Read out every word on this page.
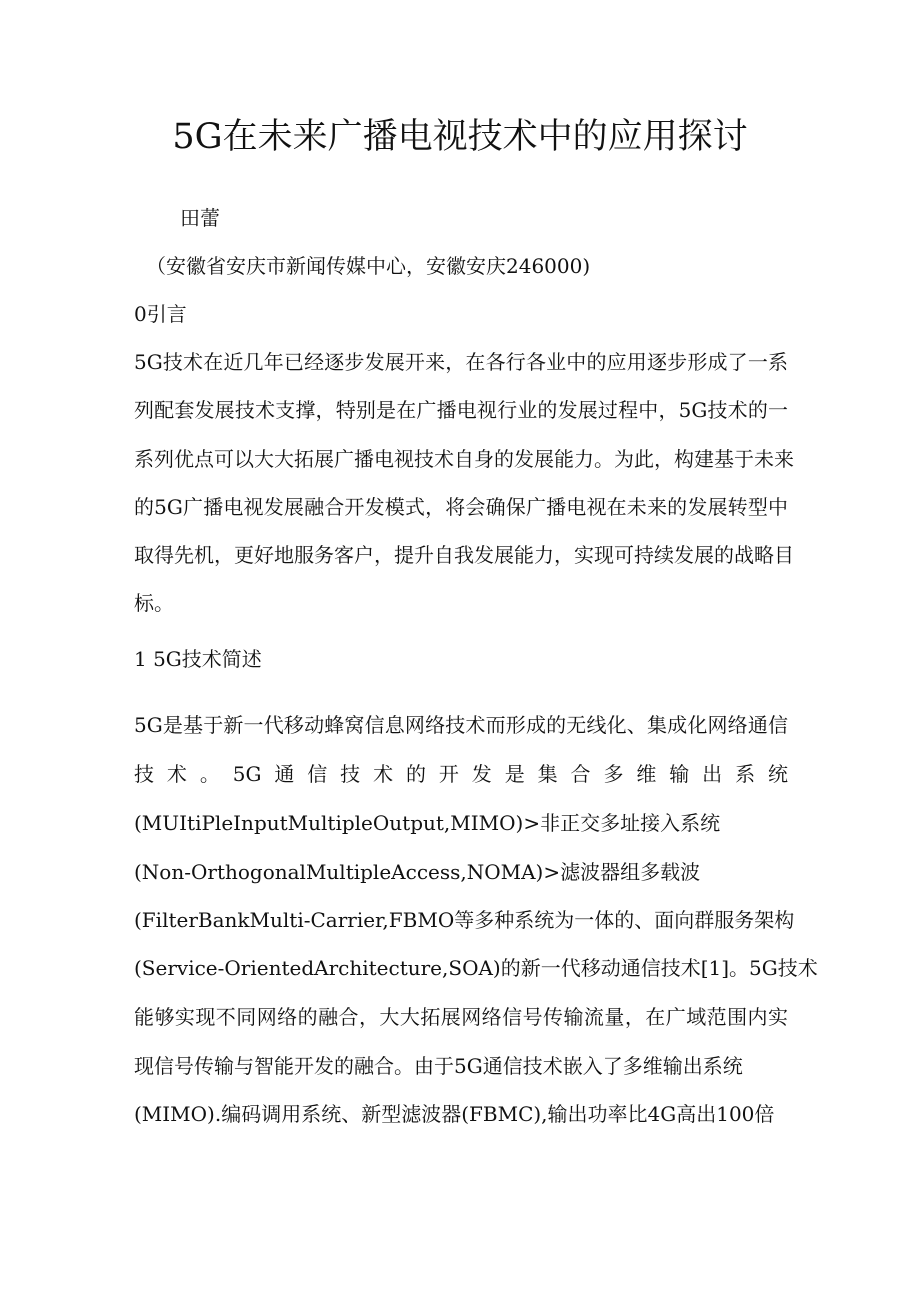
5G在未来广播电视技术中的应用探讨
田蕾
（安徽省安庆市新闻传媒中心，安徽安庆246000)
0引言
5G技术在近几年已经逐步发展开来，在各行各业中的应用逐步形成了一系
列配套发展技术支撑，特别是在广播电视行业的发展过程中，5G技术的一
系列优点可以大大拓展广播电视技术自身的发展能力。为此，构建基于未来
的5G广播电视发展融合开发模式，将会确保广播电视在未来的发展转型中
取得先机，更好地服务客户，提升自我发展能力，实现可持续发展的战略目
标。
1 5G技术简述
5G是基于新一代移动蜂窝信息网络技术而形成的无线化、集成化网络通信
技术。5G通信技术的开发是集合多维输出系统
(MUItiPleInputMultipleOutput,MIMO)>非正交多址接入系统
(Non-OrthogonalMultipleAccess,NOMA)>滤波器组多载波
(FilterBankMulti-Carrier,FBMO等多种系统为一体的、面向群服务架构
(Service-OrientedArchitecture,SOA)的新一代移动通信技术[1]。5G技术
能够实现不同网络的融合，大大拓展网络信号传输流量，在广域范围内实
现信号传输与智能开发的融合。由于5G通信技术嵌入了多维输出系统
(MIMO).编码调用系统、新型滤波器(FBMC),输出功率比4G高出100倍
